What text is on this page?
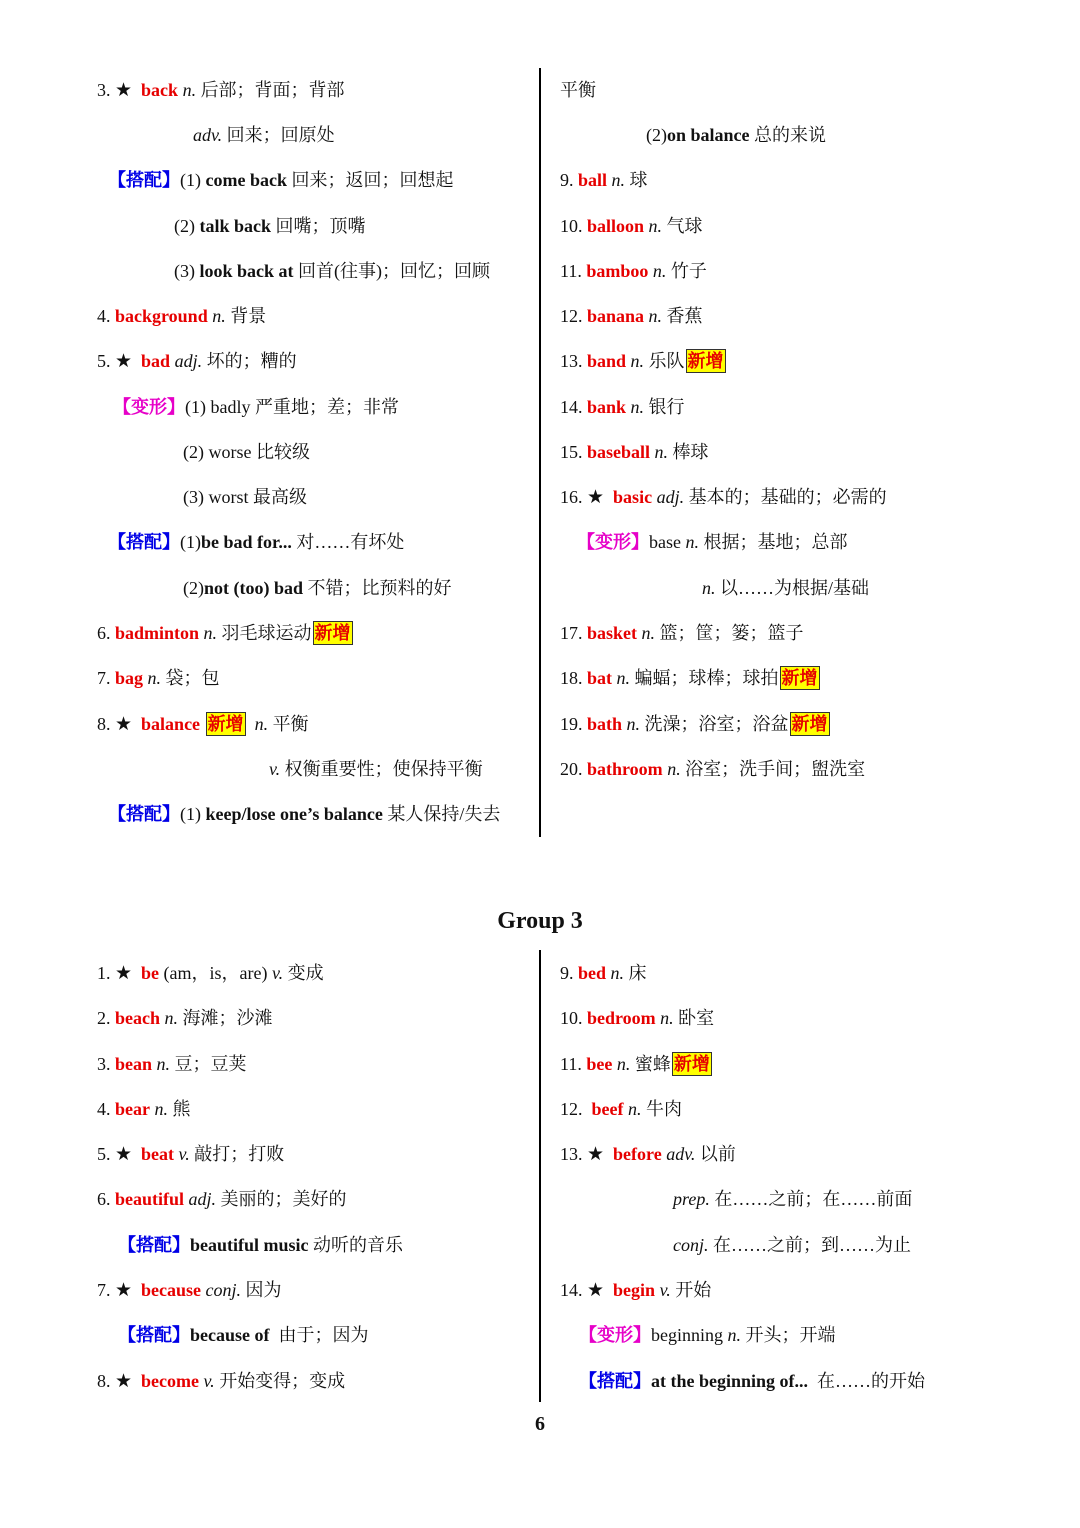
3. ★ back n. 后部；背面；背部
adv. 回来；回原处
【搭配】(1) come back 回来；返回；回想起
(2) talk back 回嘴；顶嘴
(3) look back at 回首(往事)；回忆；回顾
4. background n. 背景
5. ★ bad adj. 坏的；糟的
【变形】(1) badly 严重地；差；非常
(2) worse 比较级
(3) worst 最高级
【搭配】(1)be bad for... 对……有坏处
(2)not (too) bad 不错；比预料的好
6. badminton n. 羽毛球运动 新增
7. bag n. 袋；包
8. ★ balance 新增 n. 平衡
v. 权衡重要性；使保持平衡
【搭配】(1) keep/lose one’s balance 某人保持/失去
平衡
(2)on balance 总的来说
9. ball n. 球
10. balloon n. 气球
11. bamboo n. 竹子
12. banana n. 香蕉
13. band n. 乐队 新增
14. bank n. 银行
15. baseball n. 棒球
16. ★ basic adj. 基本的；基础的；必需的
【变形】base n. 根据；基地；总部
n. 以……为根据/基础
17. basket n. 篮；筐；篓；篮子
18. bat n. 蝙蝠；球棒；球拍 新增
19. bath n. 洗澡；浴室；浴盆 新增
20. bathroom n. 浴室；洗手间；盥洗室
Group 3
1. ★ be (am，is，are) v. 变成
2. beach n. 海滩；沙滩
3. bean n. 豆；豆荚
4. bear n. 熊
5. ★ beat v. 敲打；打败
6. beautiful adj. 美丽的；美好的
【搭配】beautiful music 动听的音乐
7. ★ because conj. 因为
【搭配】because of 由于；因为
8. ★ become v. 开始变得；变成
9. bed n. 床
10. bedroom n. 卧室
11. bee n. 蜜蜂 新增
12. beef n. 牛肉
13. ★ before adv. 以前
prep. 在……之前；在……前面
conj. 在……之前；到……为止
14. ★ begin v. 开始
【变形】beginning n. 开头；开端
【搭配】at the beginning of... 在……的开始
6
